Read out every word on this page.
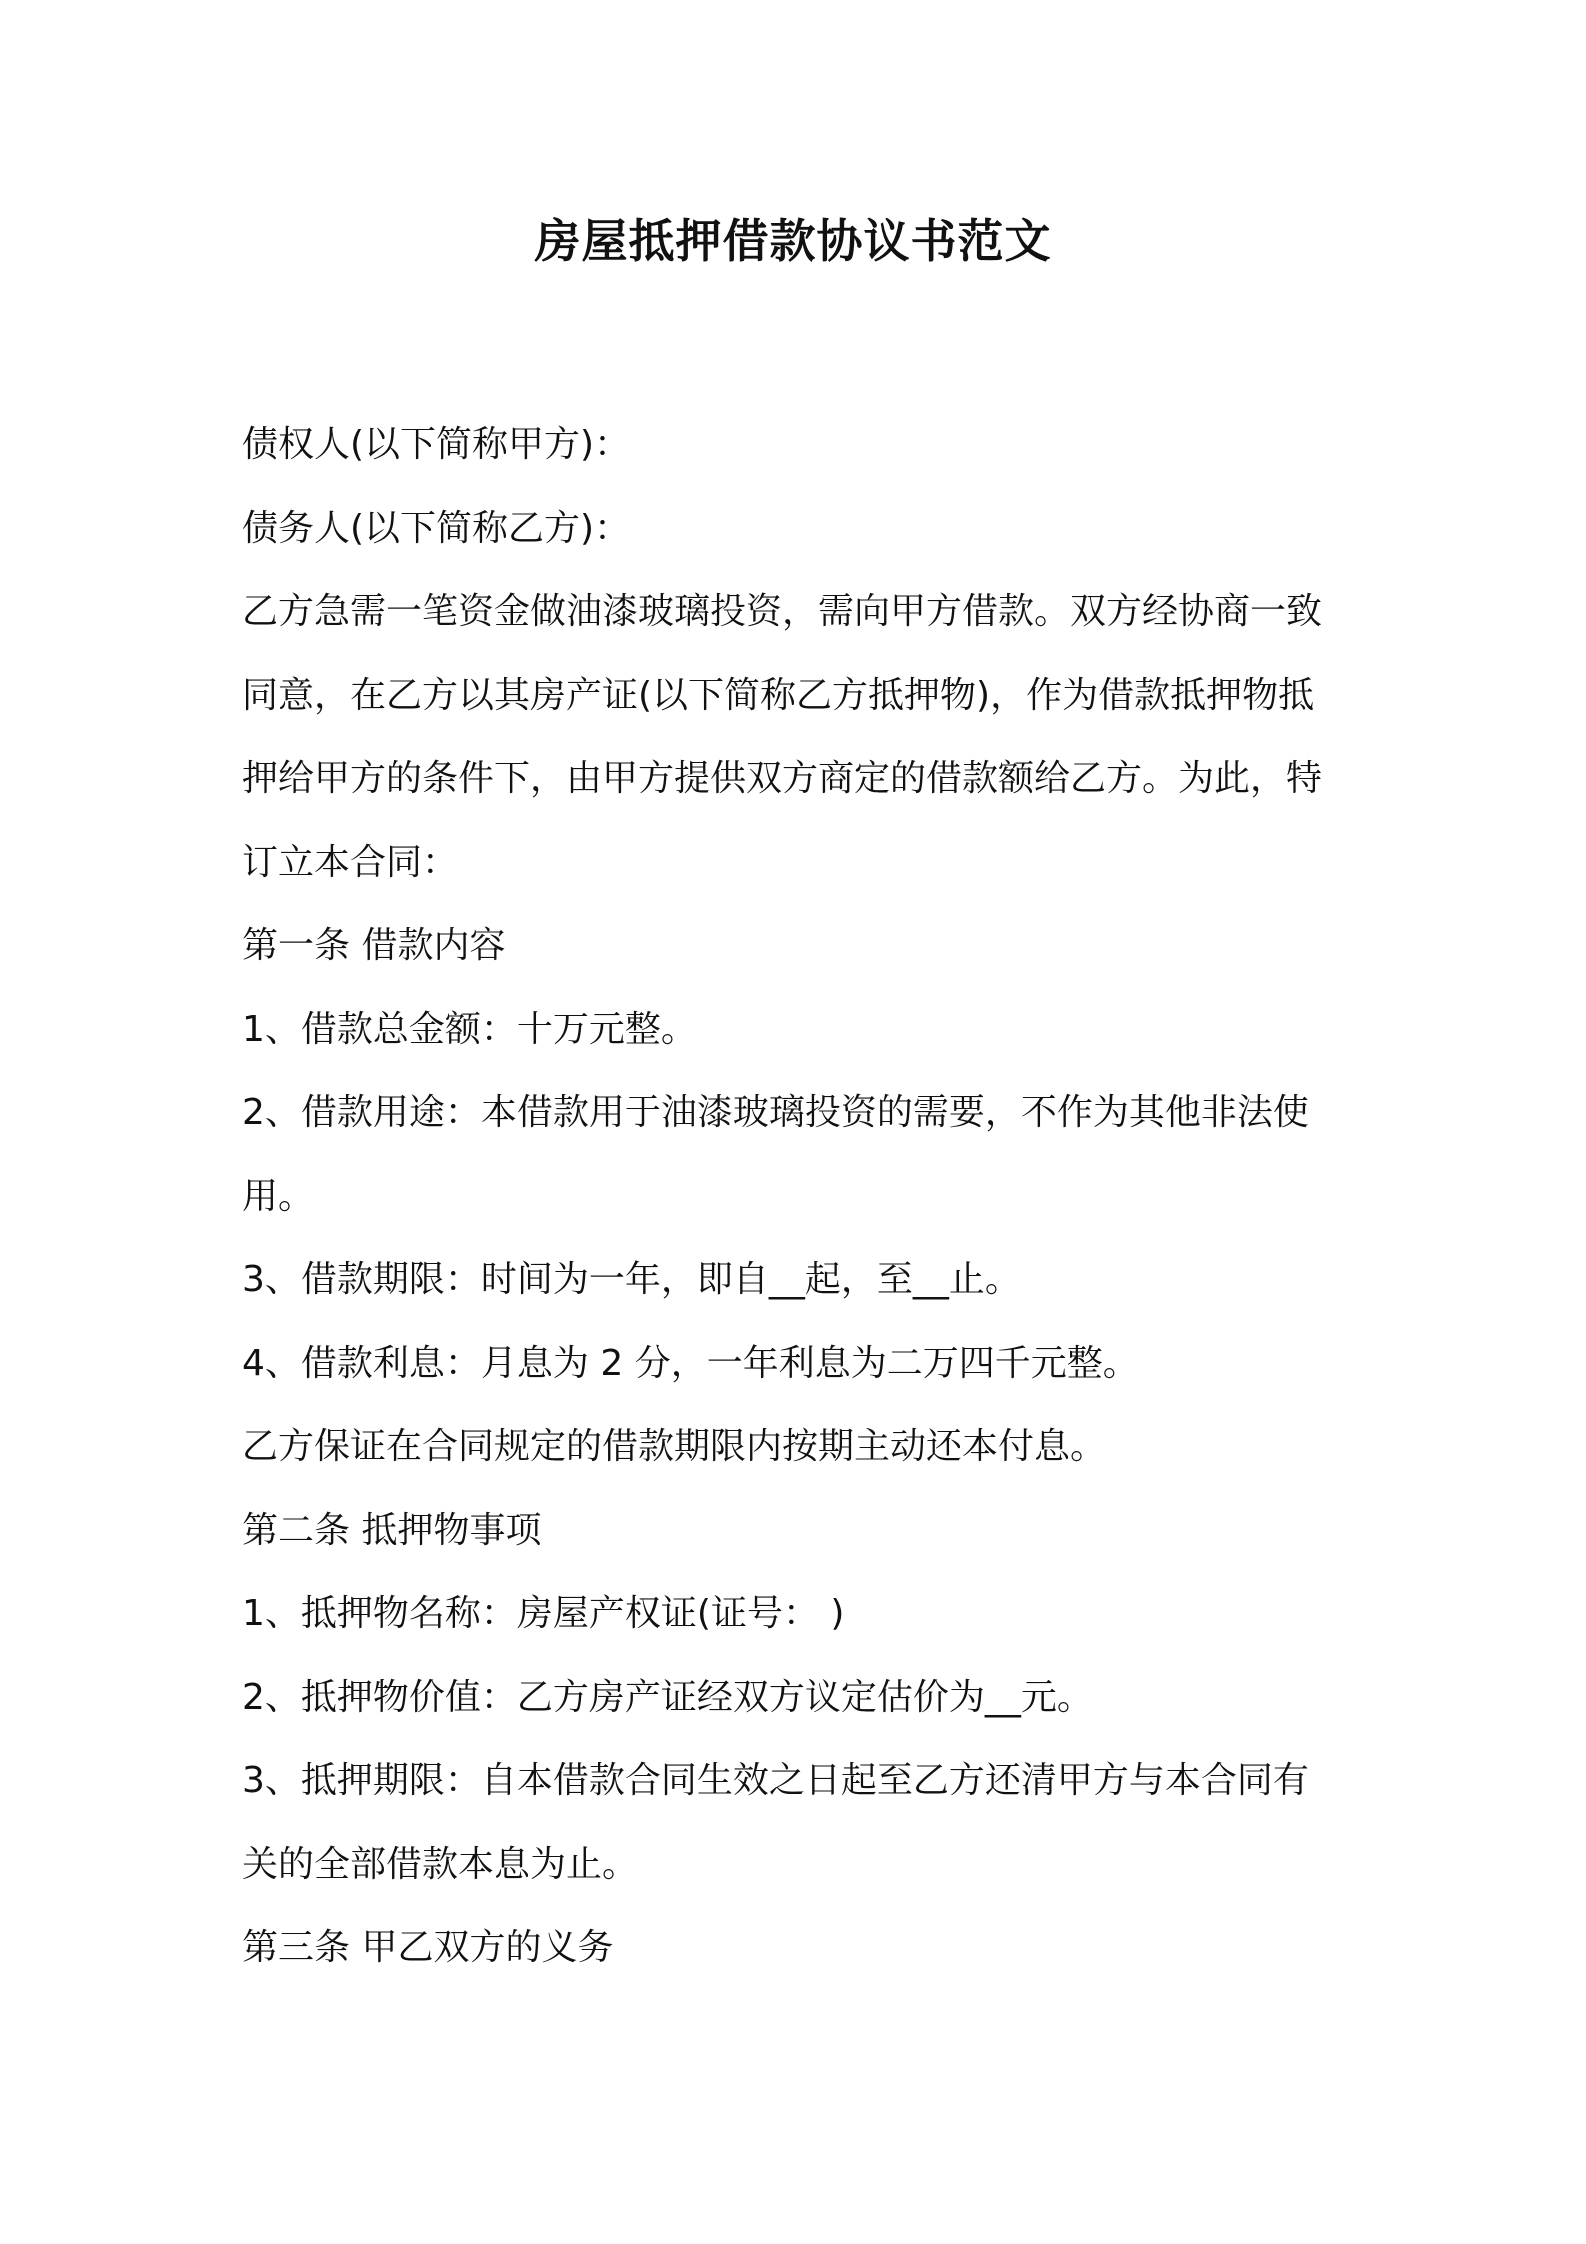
房屋抵押借款协议书范文
债权人(以下简称甲方)：
债务人(以下简称乙方)：
乙方急需一笔资金做油漆玻璃投资，需向甲方借款。双方经协商一致
同意，在乙方以其房产证(以下简称乙方抵押物)，作为借款抵押物抵
押给甲方的条件下，由甲方提供双方商定的借款额给乙方。为此，特
订立本合同：
第一条 借款内容
1、借款总金额：十万元整。
2、借款用途：本借款用于油漆玻璃投资的需要，不作为其他非法使
用。
3、借款期限：时间为一年，即自__起，至__止。
4、借款利息：月息为 2 分，一年利息为二万四千元整。
乙方保证在合同规定的借款期限内按期主动还本付息。
第二条 抵押物事项
1、抵押物名称：房屋产权证(证号： )
2、抵押物价值：乙方房产证经双方议定估价为__元。
3、抵押期限：自本借款合同生效之日起至乙方还清甲方与本合同有
关的全部借款本息为止。
第三条 甲乙双方的义务
